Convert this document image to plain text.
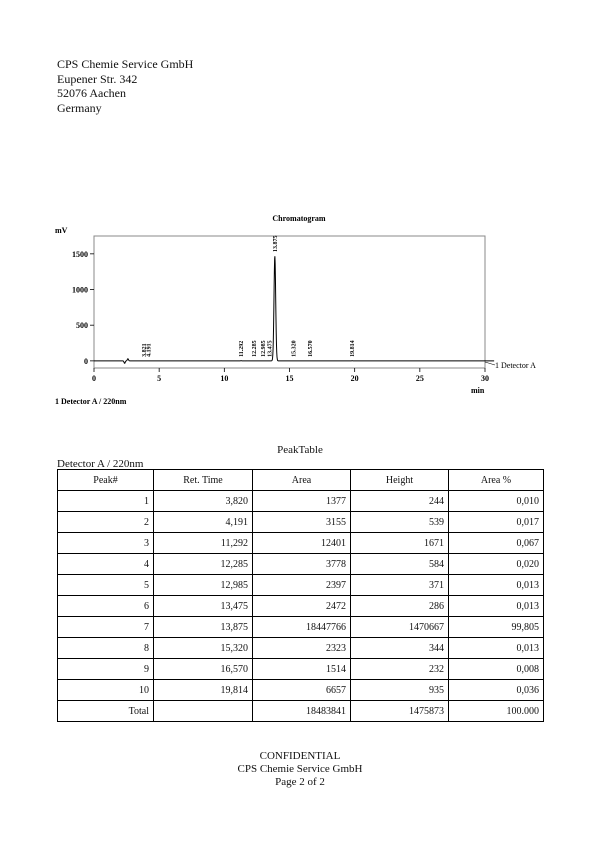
CPS Chemie Service GmbH
Eupener Str. 342
52076 Aachen
Germany
Chromatogram
mV
0	5	10	15	20	25	30
0
500
1000
1500
3.821
4.191	11.292 12.285 12.985 13.475
13.875
15.320 16.570	19.814
1 Detector A
min
1 Detector A / 220nm
PeakTable
Detector A / 220nm
Peak#	Ret. Time	Area	Height	Area %
1	3,820	1377	244	0,010
2	4,191	3155	539	0,017
3	11,292	12401	1671	0,067
4	12,285	3778	584	0,020
5	12,985	2397	371	0,013
6	13,475	2472	286	0,013
7	13,875	18447766	1470667	99,805
8	15,320	2323	344	0,013
9	16,570	1514	232	0,008
10	19,814	6657	935	0,036
Total		18483841	1475873	100.000
CONFIDENTIAL
CPS Chemie Service GmbH
Page 2 of 2
